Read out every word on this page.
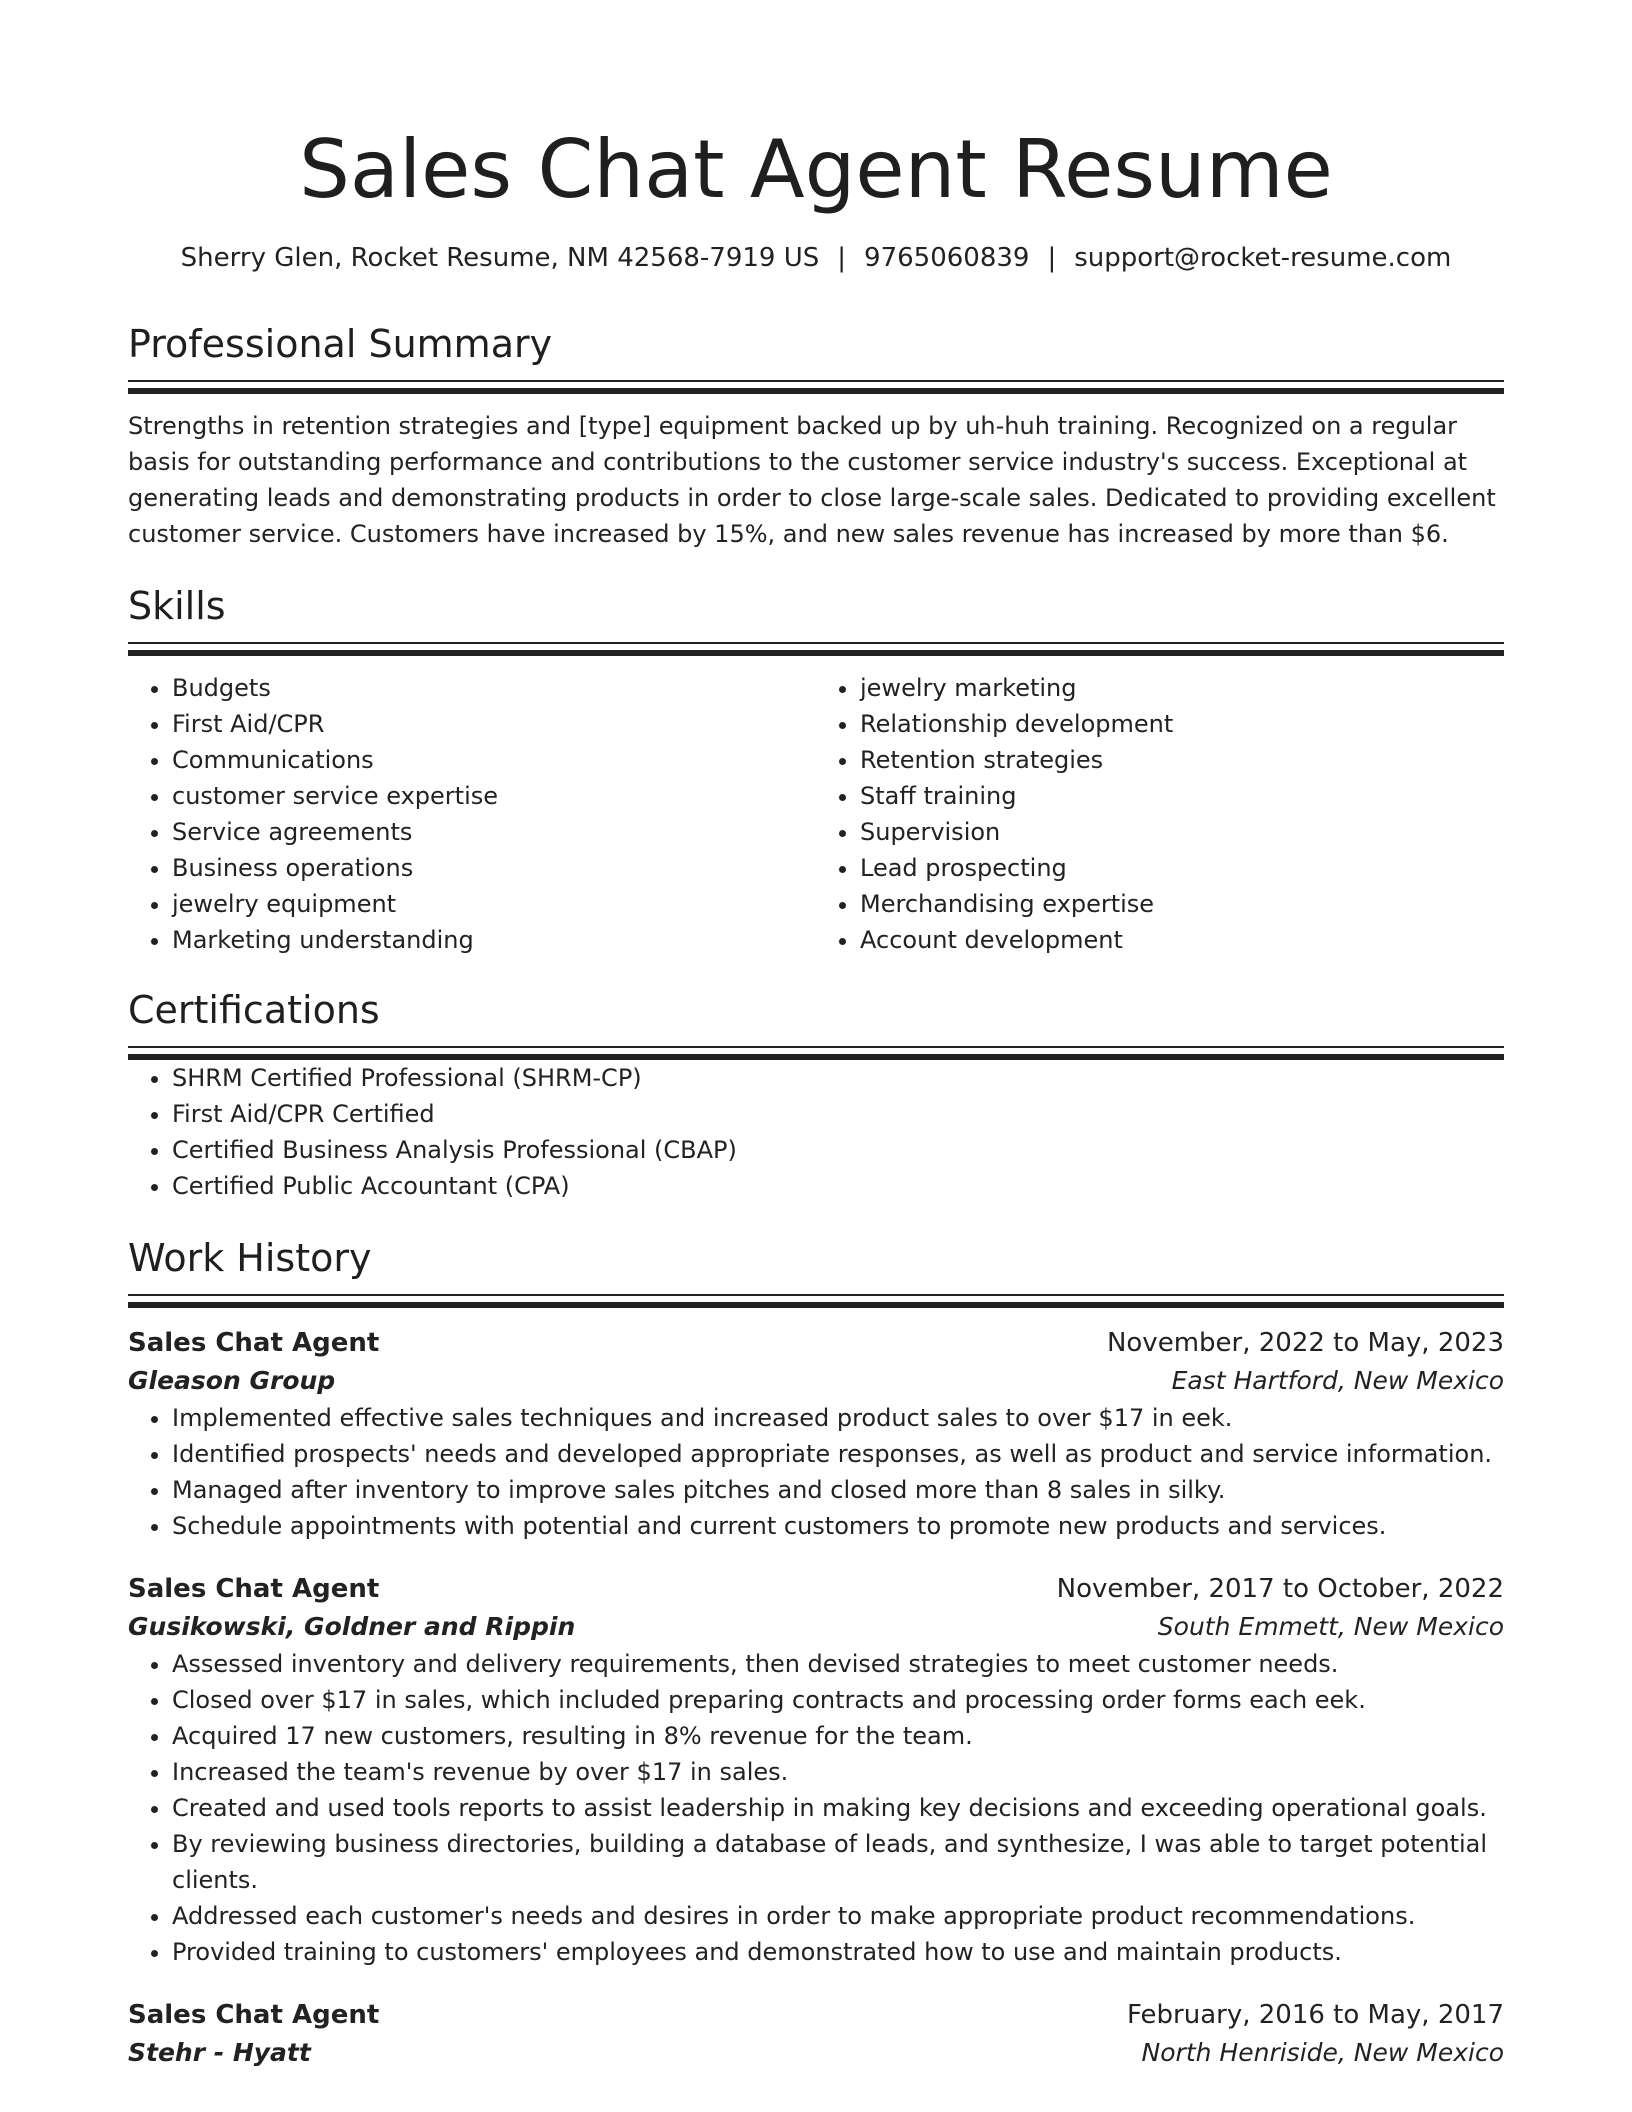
Sales Chat Agent Resume
Sherry Glen, Rocket Resume, NM 42568-7919 US | 9765060839 | support@rocket-resume.com
Professional Summary

Strengths in retention strategies and [type] equipment backed up by uh-huh training. Recognized on a regular basis for outstanding performance and contributions to the customer service industry's success. Exceptional at generating leads and demonstrating products in order to close large-scale sales. Dedicated to providing excellent customer service. Customers have increased by 15%, and new sales revenue has increased by more than $6.

Skills
• Budgets
• First Aid/CPR
• Communications
• customer service expertise
• Service agreements
• Business operations
• jewelry equipment
• Marketing understanding
• jewelry marketing
• Relationship development
• Retention strategies
• Staff training
• Supervision
• Lead prospecting
• Merchandising expertise
• Account development
Certifications
• SHRM Certified Professional (SHRM-CP)
• First Aid/CPR Certified
• Certified Business Analysis Professional (CBAP)
• Certified Public Accountant (CPA)
Work History
Sales Chat Agent	November, 2022 to May, 2023
Gleason Group	East Hartford, New Mexico
• Implemented effective sales techniques and increased product sales to over $17 in eek.
• Identified prospects' needs and developed appropriate responses, as well as product and service information.
• Managed after inventory to improve sales pitches and closed more than 8 sales in silky.
• Schedule appointments with potential and current customers to promote new products and services.
Sales Chat Agent	November, 2017 to October, 2022
Gusikowski, Goldner and Rippin	South Emmett, New Mexico
• Assessed inventory and delivery requirements, then devised strategies to meet customer needs.
• Closed over $17 in sales, which included preparing contracts and processing order forms each eek.
• Acquired 17 new customers, resulting in 8% revenue for the team.
• Increased the team's revenue by over $17 in sales.
• Created and used tools reports to assist leadership in making key decisions and exceeding operational goals.
• By reviewing business directories, building a database of leads, and synthesize, I was able to target potential clients.
• Addressed each customer's needs and desires in order to make appropriate product recommendations.
• Provided training to customers' employees and demonstrated how to use and maintain products.
Sales Chat Agent	February, 2016 to May, 2017
Stehr - Hyatt	North Henriside, New Mexico
